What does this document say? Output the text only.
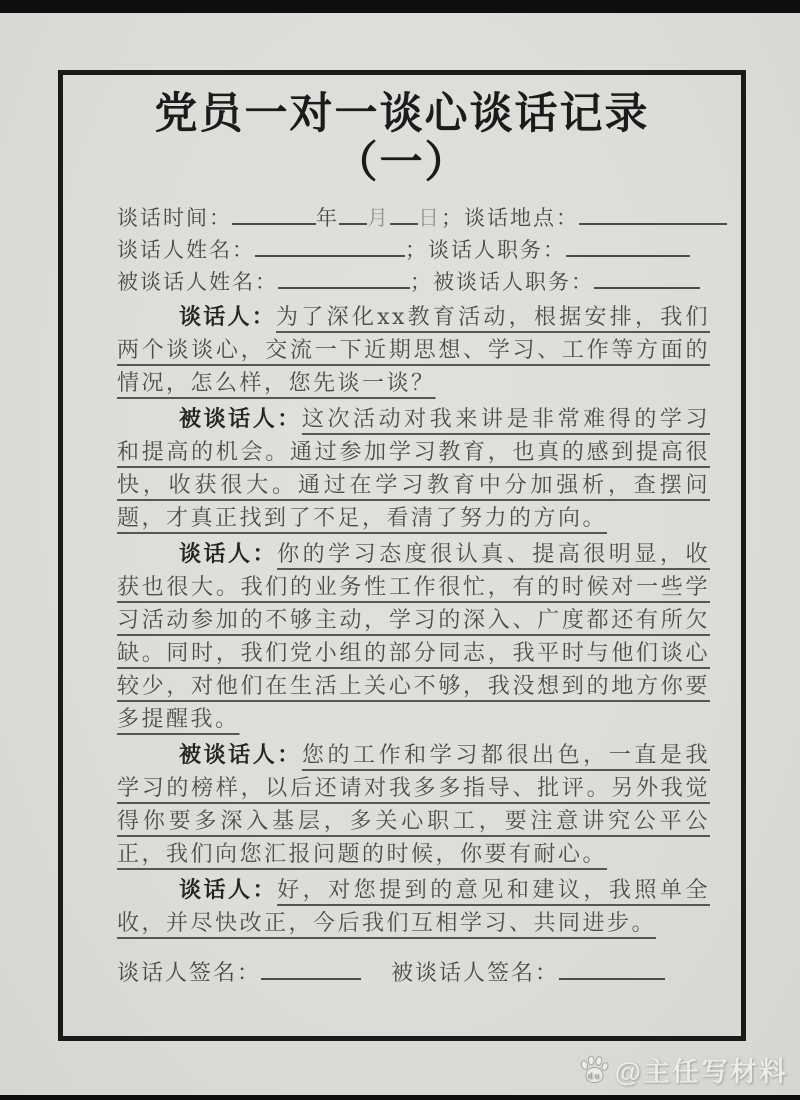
党员一对一谈心谈话记录
（一）
谈话时间：	年 月 日；谈话地点：
谈话人姓名：	；谈话人职务：
被谈话人姓名：	；被谈话人职务：

谈话人：为了深化xx教育活动，根据安排，我们两个谈谈心，交流一下近期思想、学习、工作等方面的情况，怎么样，您先谈一谈？

被谈话人：这次活动对我来讲是非常难得的学习和提高的机会。通过参加学习教育，也真的感到提高很快，收获很大。通过在学习教育中分加强析，查摆问题，才真正找到了不足，看清了努力的方向。

谈话人：你的学习态度很认真、提高很明显，收获也很大。我们的业务性工作很忙，有的时候对一些学习活动参加的不够主动，学习的深入、广度都还有所欠缺。同时，我们党小组的部分同志，我平时与他们谈心较少，对他们在生活上关心不够，我没想到的地方你要多提醒我。

被谈话人：您的工作和学习都很出色，一直是我学习的榜样，以后还请对我多多指导、批评。另外我觉得你要多深入基层，多关心职工，要注意讲究公平公正，我们向您汇报问题的时候，你要有耐心。

谈话人：好，对您提到的意见和建议，我照单全收，并尽快改正，今后我们互相学习、共同进步。

谈话人签名：	被谈话人签名：
du @主任写材料
